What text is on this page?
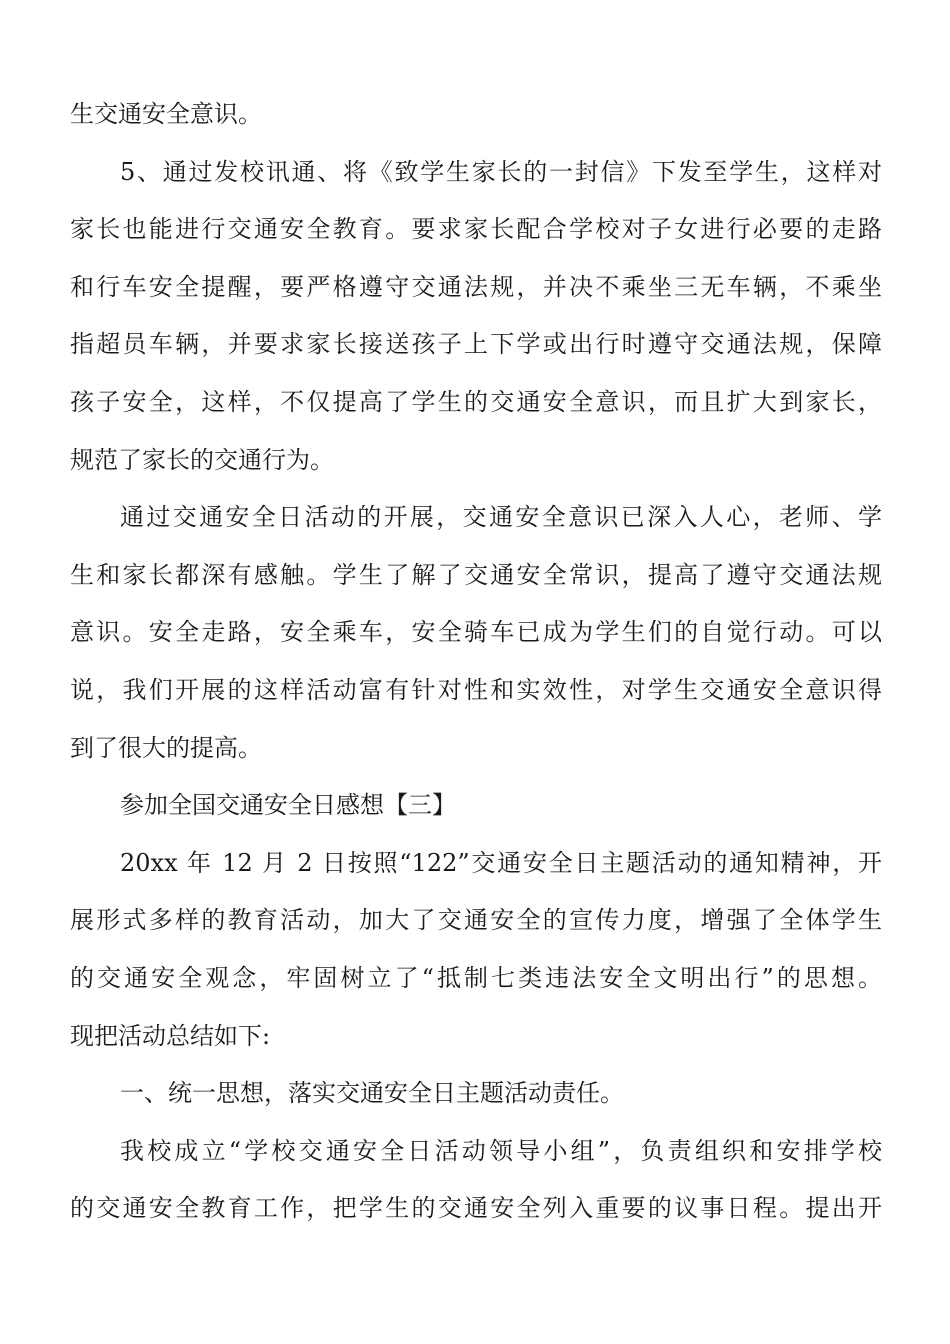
生交通安全意识。
5、通过发校讯通、将《致学生家长的一封信》下发至学生，这样对
家长也能进行交通安全教育。要求家长配合学校对子女进行必要的走路
和行车安全提醒，要严格遵守交通法规，并决不乘坐三无车辆，不乘坐
指超员车辆，并要求家长接送孩子上下学或出行时遵守交通法规，保障
孩子安全，这样，不仅提高了学生的交通安全意识，而且扩大到家长，
规范了家长的交通行为。
通过交通安全日活动的开展，交通安全意识已深入人心，老师、学
生和家长都深有感触。学生了解了交通安全常识，提高了遵守交通法规
意识。安全走路，安全乘车，安全骑车已成为学生们的自觉行动。可以
说，我们开展的这样活动富有针对性和实效性，对学生交通安全意识得
到了很大的提高。
参加全国交通安全日感想【三】
20xx 年 12 月 2 日按照“122”交通安全日主题活动的通知精神，开
展形式多样的教育活动，加大了交通安全的宣传力度，增强了全体学生
的交通安全观念，牢固树立了“抵制七类违法安全文明出行”的思想。
现把活动总结如下:
一、统一思想，落实交通安全日主题活动责任。
我校成立“学校交通安全日活动领导小组”，负责组织和安排学校
的交通安全教育工作，把学生的交通安全列入重要的议事日程。提出开
